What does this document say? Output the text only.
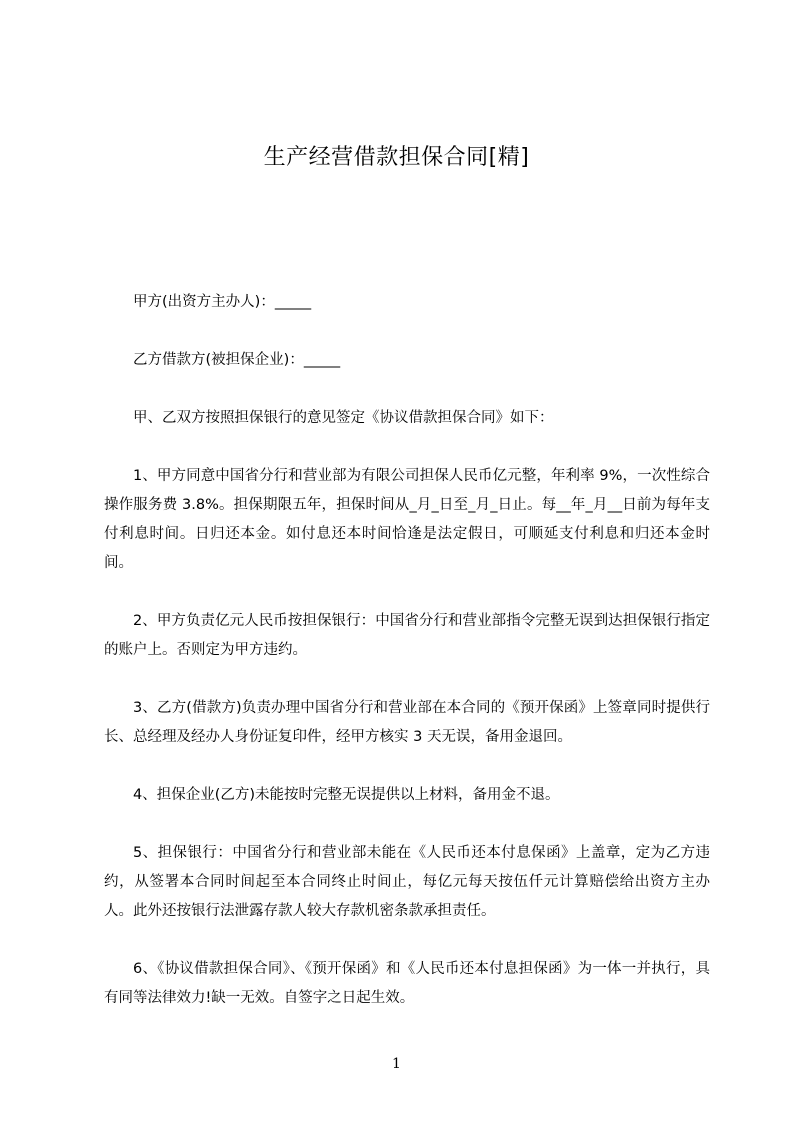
生产经营借款担保合同[精]

甲方(出资方主办人)：_____

乙方借款方(被担保企业)：_____

甲、乙双方按照担保银行的意见签定《协议借款担保合同》如下：

1、甲方同意中国省分行和营业部为有限公司担保人民币亿元整，年利率 9%，一次性综合操作服务费 3.8%。担保期限五年，担保时间从_月_日至_月_日止。每__年_月__日前为每年支付利息时间。日归还本金。如付息还本时间恰逢是法定假日，可顺延支付利息和归还本金时间。

2、甲方负责亿元人民币按担保银行：中国省分行和营业部指令完整无误到达担保银行指定的账户上。否则定为甲方违约。

3、乙方(借款方)负责办理中国省分行和营业部在本合同的《预开保函》上签章同时提供行长、总经理及经办人身份证复印件，经甲方核实 3 天无误，备用金退回。

4、担保企业(乙方)未能按时完整无误提供以上材料，备用金不退。

5、担保银行：中国省分行和营业部未能在《人民币还本付息保函》上盖章，定为乙方违约，从签署本合同时间起至本合同终止时间止，每亿元每天按伍仟元计算赔偿给出资方主办人。此外还按银行法泄露存款人较大存款机密条款承担责任。

6、《协议借款担保合同》、《预开保函》和《人民币还本付息担保函》为一体一并执行，具有同等法律效力!缺一无效。自签字之日起生效。

1
